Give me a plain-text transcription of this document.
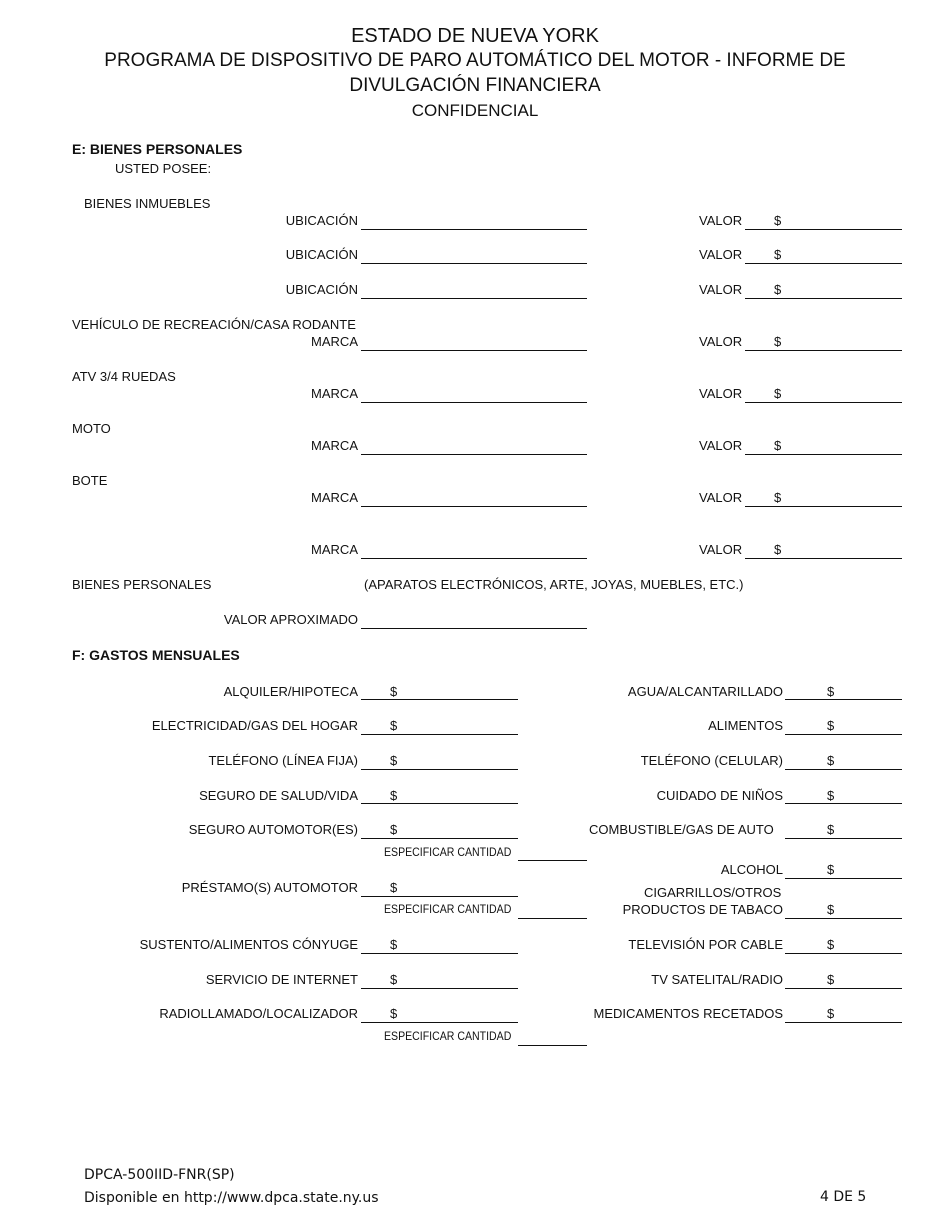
ESTADO DE NUEVA YORK
PROGRAMA DE DISPOSITIVO DE PARO AUTOMÁTICO DEL MOTOR - INFORME DE
DIVULGACIÓN FINANCIERA
CONFIDENCIAL
E: BIENES PERSONALES
USTED POSEE:
BIENES INMUEBLES
UBICACIÓN	VALOR $
UBICACIÓN	VALOR $
UBICACIÓN	VALOR $
VEHÍCULO DE RECREACIÓN/CASA RODANTE
MARCA	VALOR $
ATV 3/4 RUEDAS
MARCA	VALOR $
MOTO
MARCA	VALOR $
BOTE
MARCA	VALOR $
MARCA	VALOR $
BIENES PERSONALES	(APARATOS ELECTRÓNICOS, ARTE, JOYAS, MUEBLES, ETC.)
VALOR APROXIMADO
F: GASTOS MENSUALES
ALQUILER/HIPOTECA $
ELECTRICIDAD/GAS DEL HOGAR $
TELÉFONO (LÍNEA FIJA) $
SEGURO DE SALUD/VIDA $
SEGURO AUTOMOTOR(ES) $
ESPECIFICAR CANTIDAD
PRÉSTAMO(S) AUTOMOTOR $
ESPECIFICAR CANTIDAD
SUSTENTO/ALIMENTOS CÓNYUGE $
SERVICIO DE INTERNET $
RADIOLLAMADO/LOCALIZADOR $
ESPECIFICAR CANTIDAD
AGUA/ALCANTARILLADO	$
ALIMENTOS	$
TELÉFONO (CELULAR)	$
CUIDADO DE NIÑOS	$
COMBUSTIBLE/GAS DE AUTO	$
ALCOHOL	$
CIGARRILLOS/OTROS
PRODUCTOS DE TABACO	$
TELEVISIÓN POR CABLE	$
TV SATELITAL/RADIO	$
MEDICAMENTOS RECETADOS	$
DPCA-500IID-FNR(SP)
Disponible en http://www.dpca.state.ny.us	4 DE 5
